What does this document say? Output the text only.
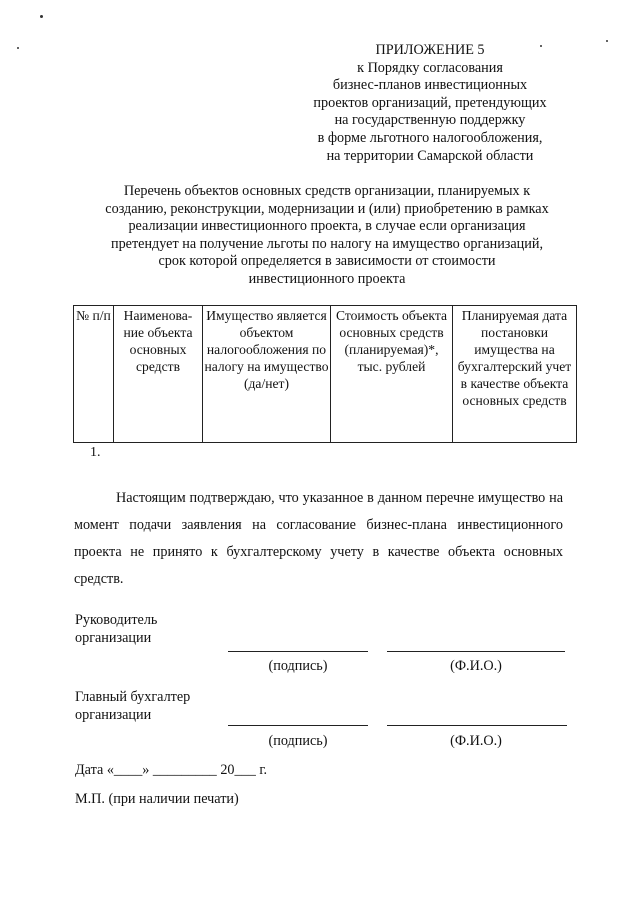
ПРИЛОЖЕНИЕ 5
к Порядку согласования
бизнес-планов инвестиционных
проектов организаций, претендующих
на государственную поддержку
в форме льготного налогообложения,
на территории Самарской области
Перечень объектов основных средств организации, планируемых к
созданию, реконструкции, модернизации и (или) приобретению в рамках
реализации инвестиционного проекта, в случае если организация
претендует на получение льготы по налогу на имущество организаций,
срок которой определяется в зависимости от стоимости
инвестиционного проекта
№ п/п	Наименова-ние объекта основных средств	Имущество является объектом налогообложения по налогу на имущество (да/нет)	Стоимость объекта основных средств (планируемая)*, тыс. рублей	Планируемая дата постановки имущества на бухгалтерский учет в качестве объекта основных средств
1.

Настоящим подтверждаю, что указанное в данном перечне имущество на момент подачи заявления на согласование бизнес-плана инвестиционного проекта не принято к бухгалтерскому учету в качестве объекта основных средств.

Руководитель
организации
(подпись)	(Ф.И.О.)
Главный бухгалтер
организации
(подпись)	(Ф.И.О.)
Дата «____» _________ 20___ г.
М.П. (при наличии печати)
